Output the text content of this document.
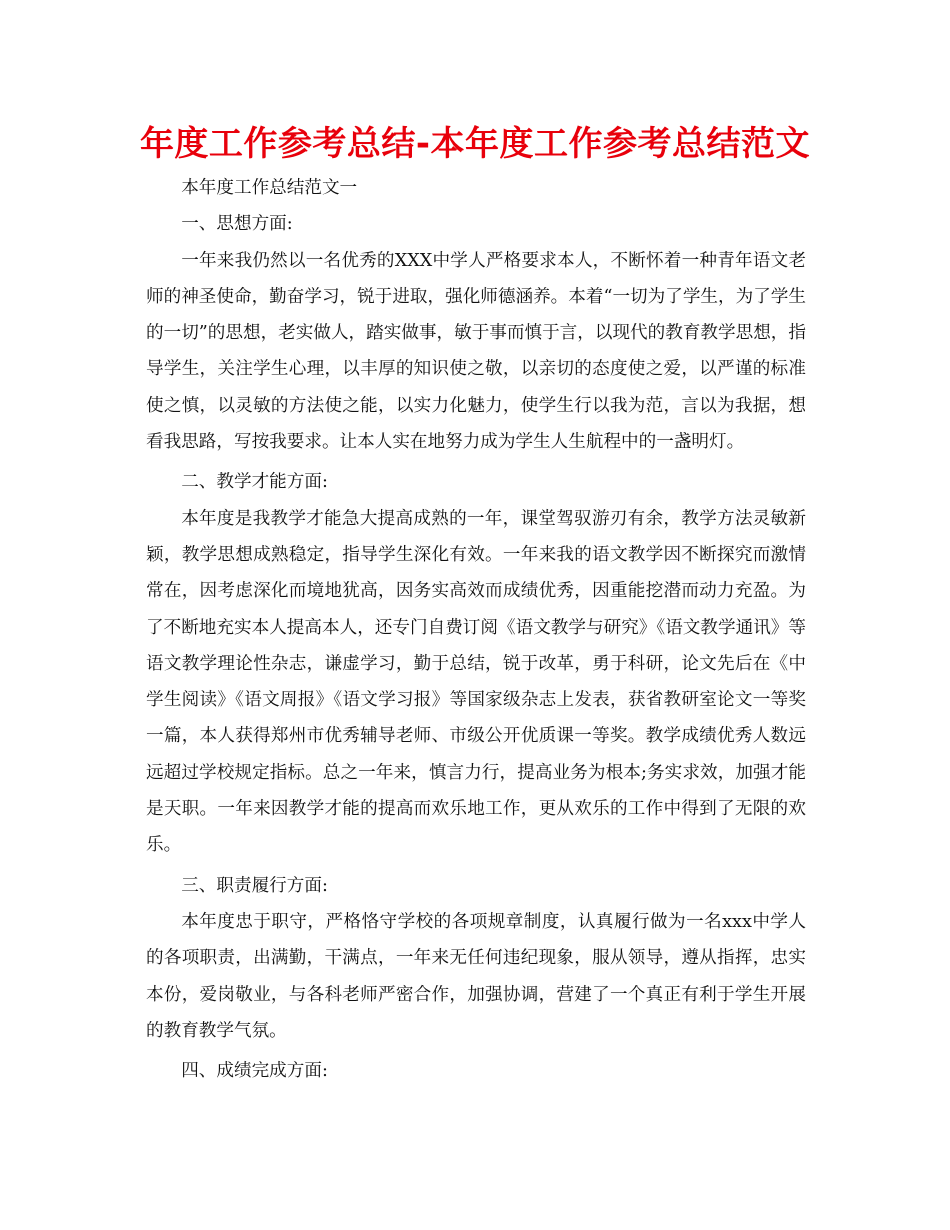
年度工作参考总结-本年度工作参考总结范文

本年度工作总结范文一

一、思想方面:

一年来我仍然以一名优秀的XXX中学人严格要求本人，不断怀着一种青年语文老师的神圣使命，勤奋学习，锐于进取，强化师德涵养。本着“一切为了学生，为了学生的一切”的思想，老实做人，踏实做事，敏于事而慎于言，以现代的教育教学思想，指导学生，关注学生心理，以丰厚的知识使之敬，以亲切的态度使之爱，以严谨的标准使之慎，以灵敏的方法使之能，以实力化魅力，使学生行以我为范，言以为我据，想看我思路，写按我要求。让本人实在地努力成为学生人生航程中的一盏明灯。

二、教学才能方面:

本年度是我教学才能急大提高成熟的一年，课堂驾驭游刃有余，教学方法灵敏新颖，教学思想成熟稳定，指导学生深化有效。一年来我的语文教学因不断探究而激情常在，因考虑深化而境地犹高，因务实高效而成绩优秀，因重能挖潜而动力充盈。为了不断地充实本人提高本人，还专门自费订阅《语文教学与研究》《语文教学通讯》等语文教学理论性杂志，谦虚学习，勤于总结，锐于改革，勇于科研，论文先后在《中学生阅读》《语文周报》《语文学习报》等国家级杂志上发表，获省教研室论文一等奖一篇，本人获得郑州市优秀辅导老师、市级公开优质课一等奖。教学成绩优秀人数远远超过学校规定指标。总之一年来，慎言力行，提高业务为根本;务实求效，加强才能是天职。一年来因教学才能的提高而欢乐地工作，更从欢乐的工作中得到了无限的欢乐。

三、职责履行方面:

本年度忠于职守，严格恪守学校的各项规章制度，认真履行做为一名xxx中学人的各项职责，出满勤，干满点，一年来无任何违纪现象，服从领导，遵从指挥，忠实本份，爱岗敬业，与各科老师严密合作，加强协调，营建了一个真正有利于学生开展的教育教学气氛。

四、成绩完成方面:
